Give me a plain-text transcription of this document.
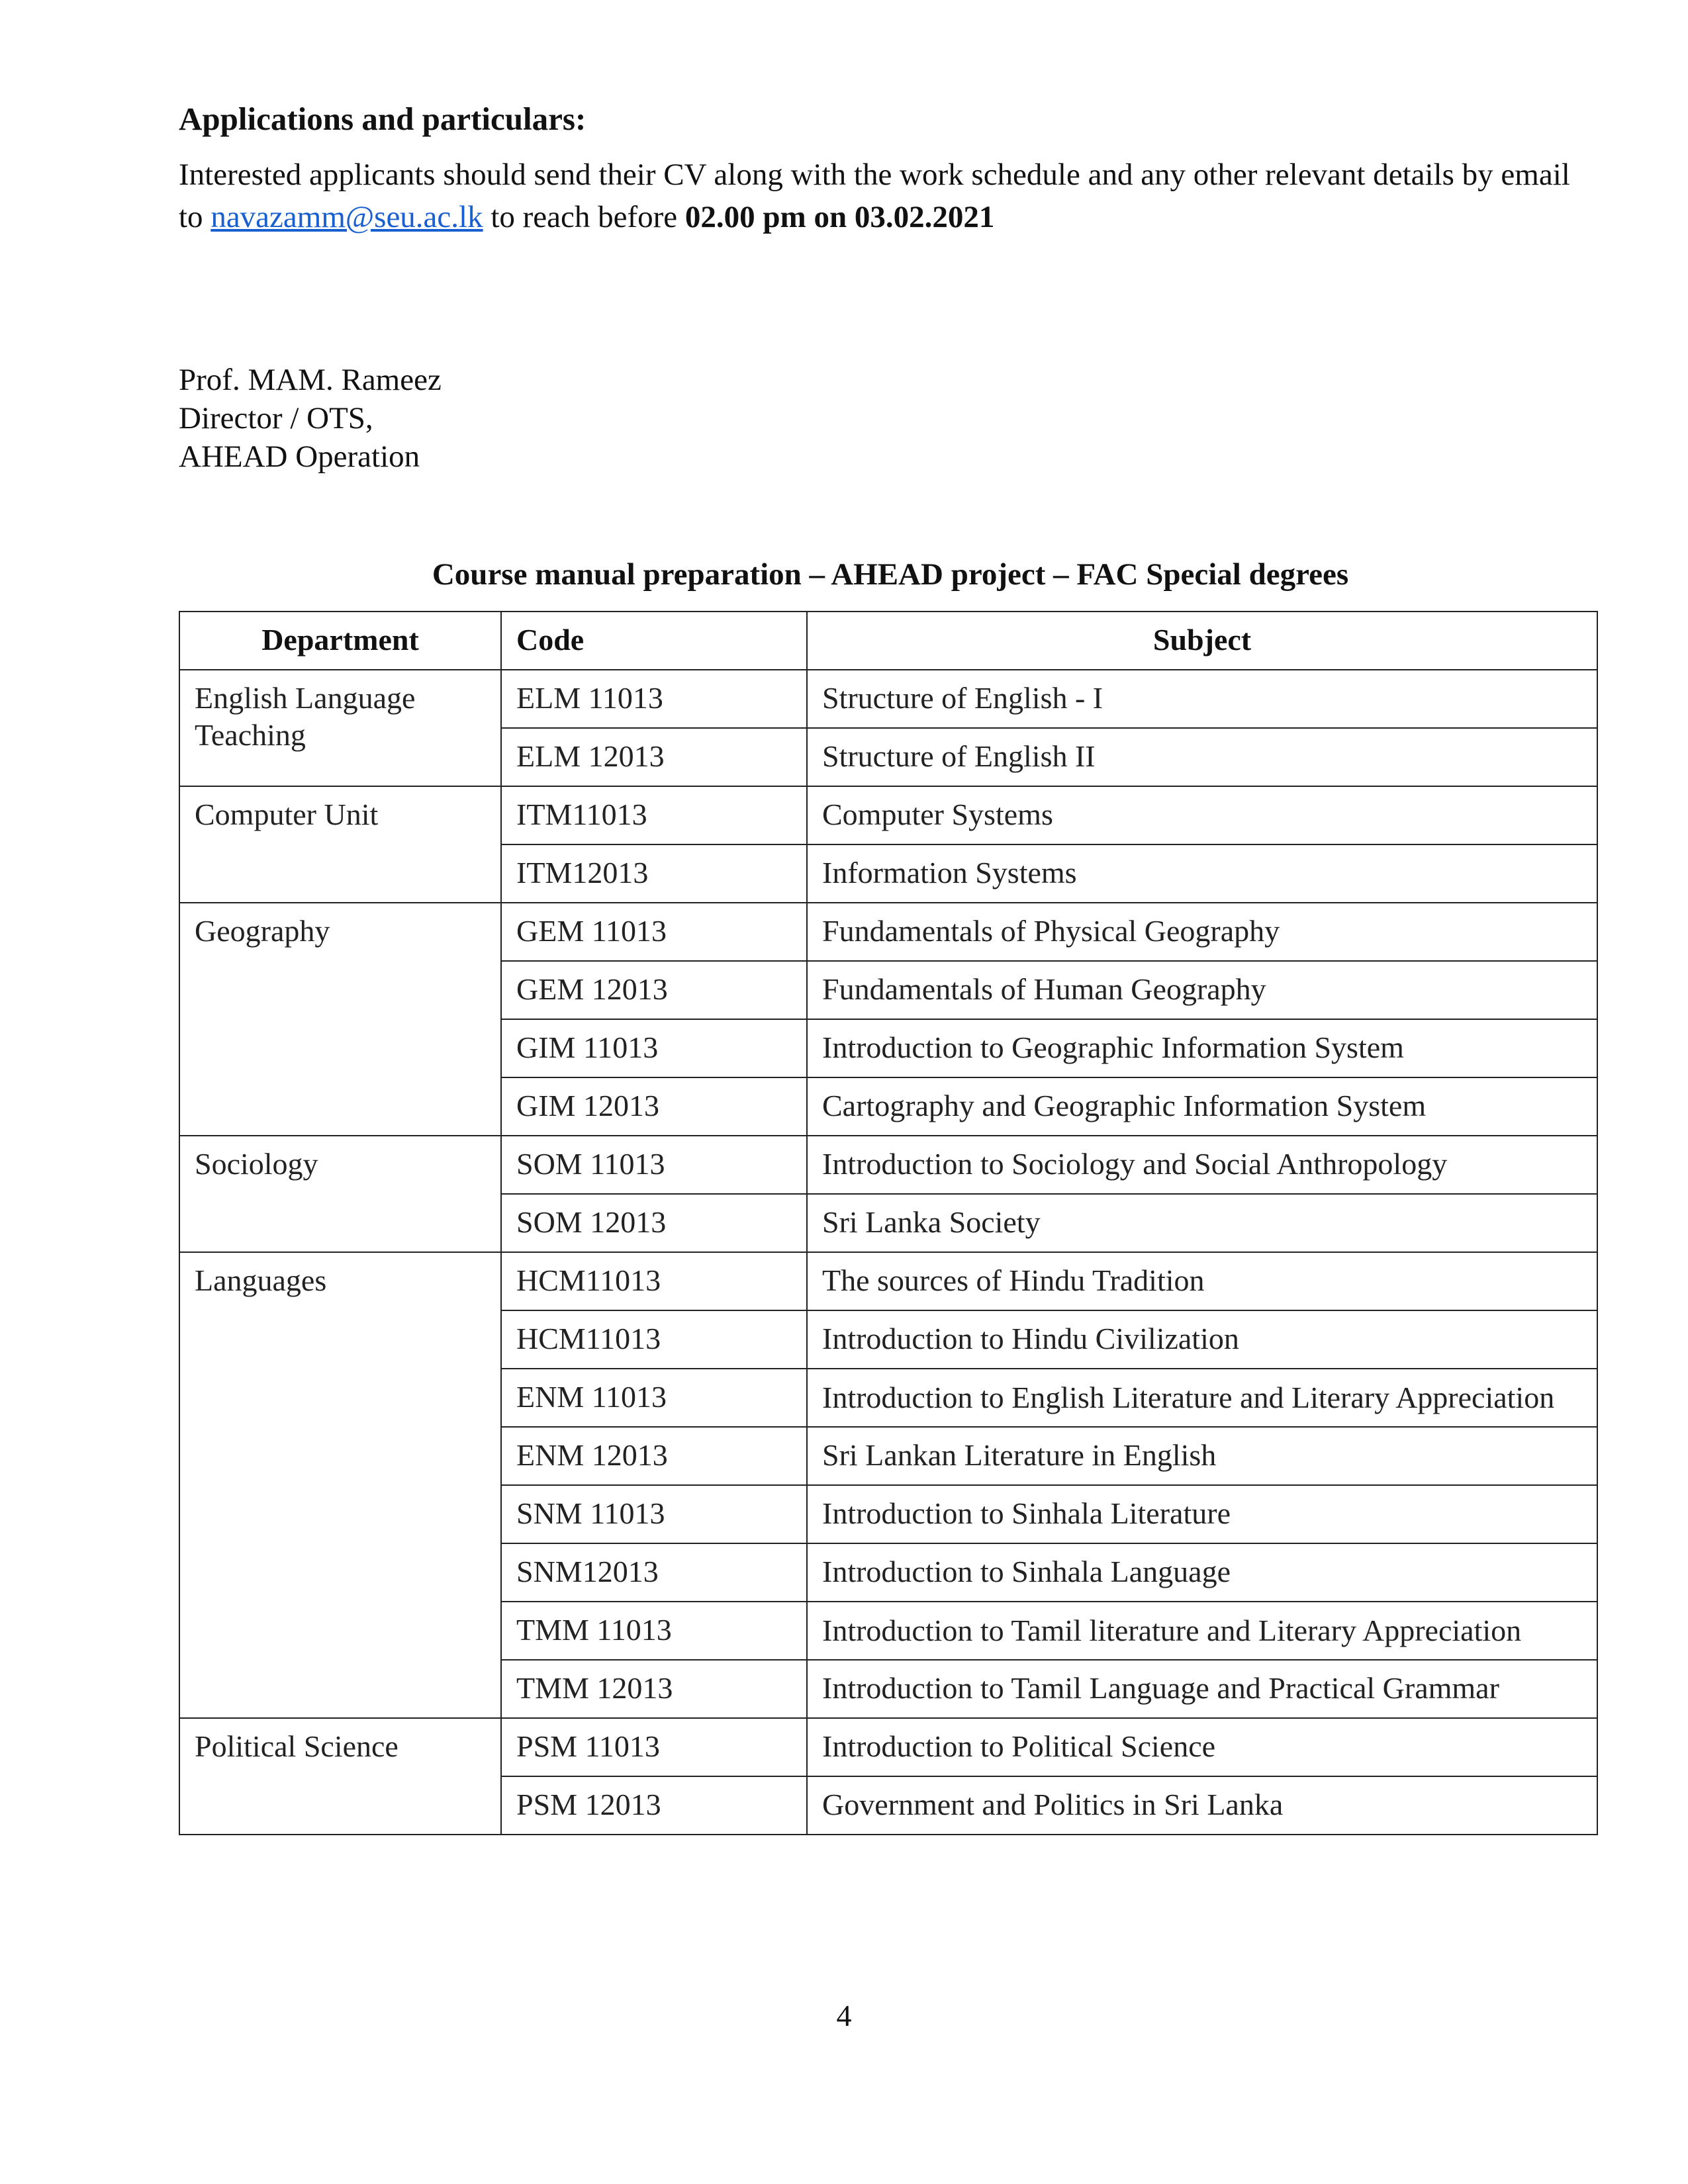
Applications and particulars:

Interested applicants should send their CV along with the work schedule and any other relevant details by email to navazamm@seu.ac.lk to reach before 02.00 pm on 03.02.2021

Prof. MAM. Rameez
Director / OTS,
AHEAD Operation
Course manual preparation – AHEAD project – FAC Special degrees
Department	Code	Subject
English Language Teaching	ELM 11013	Structure of English - I
	ELM 12013	Structure of English II
Computer Unit	ITM11013	Computer Systems
	ITM12013	Information Systems
Geography	GEM 11013	Fundamentals of Physical Geography
	GEM 12013	Fundamentals of Human Geography
	GIM 11013	Introduction to Geographic Information System
	GIM 12013	Cartography and Geographic Information System
Sociology	SOM 11013	Introduction to Sociology and Social Anthropology
	SOM 12013	Sri Lanka Society
Languages	HCM11013	The sources of Hindu Tradition
	HCM11013	Introduction to Hindu Civilization
	ENM 11013	Introduction to English Literature and Literary Appreciation
	ENM 12013	Sri Lankan Literature in English
	SNM 11013	Introduction to Sinhala Literature
	SNM12013	Introduction to Sinhala Language
	TMM 11013	Introduction to Tamil literature and Literary Appreciation
	TMM 12013	Introduction to Tamil Language and Practical Grammar
Political Science	PSM 11013	Introduction to Political Science
	PSM 12013	Government and Politics in Sri Lanka
4
